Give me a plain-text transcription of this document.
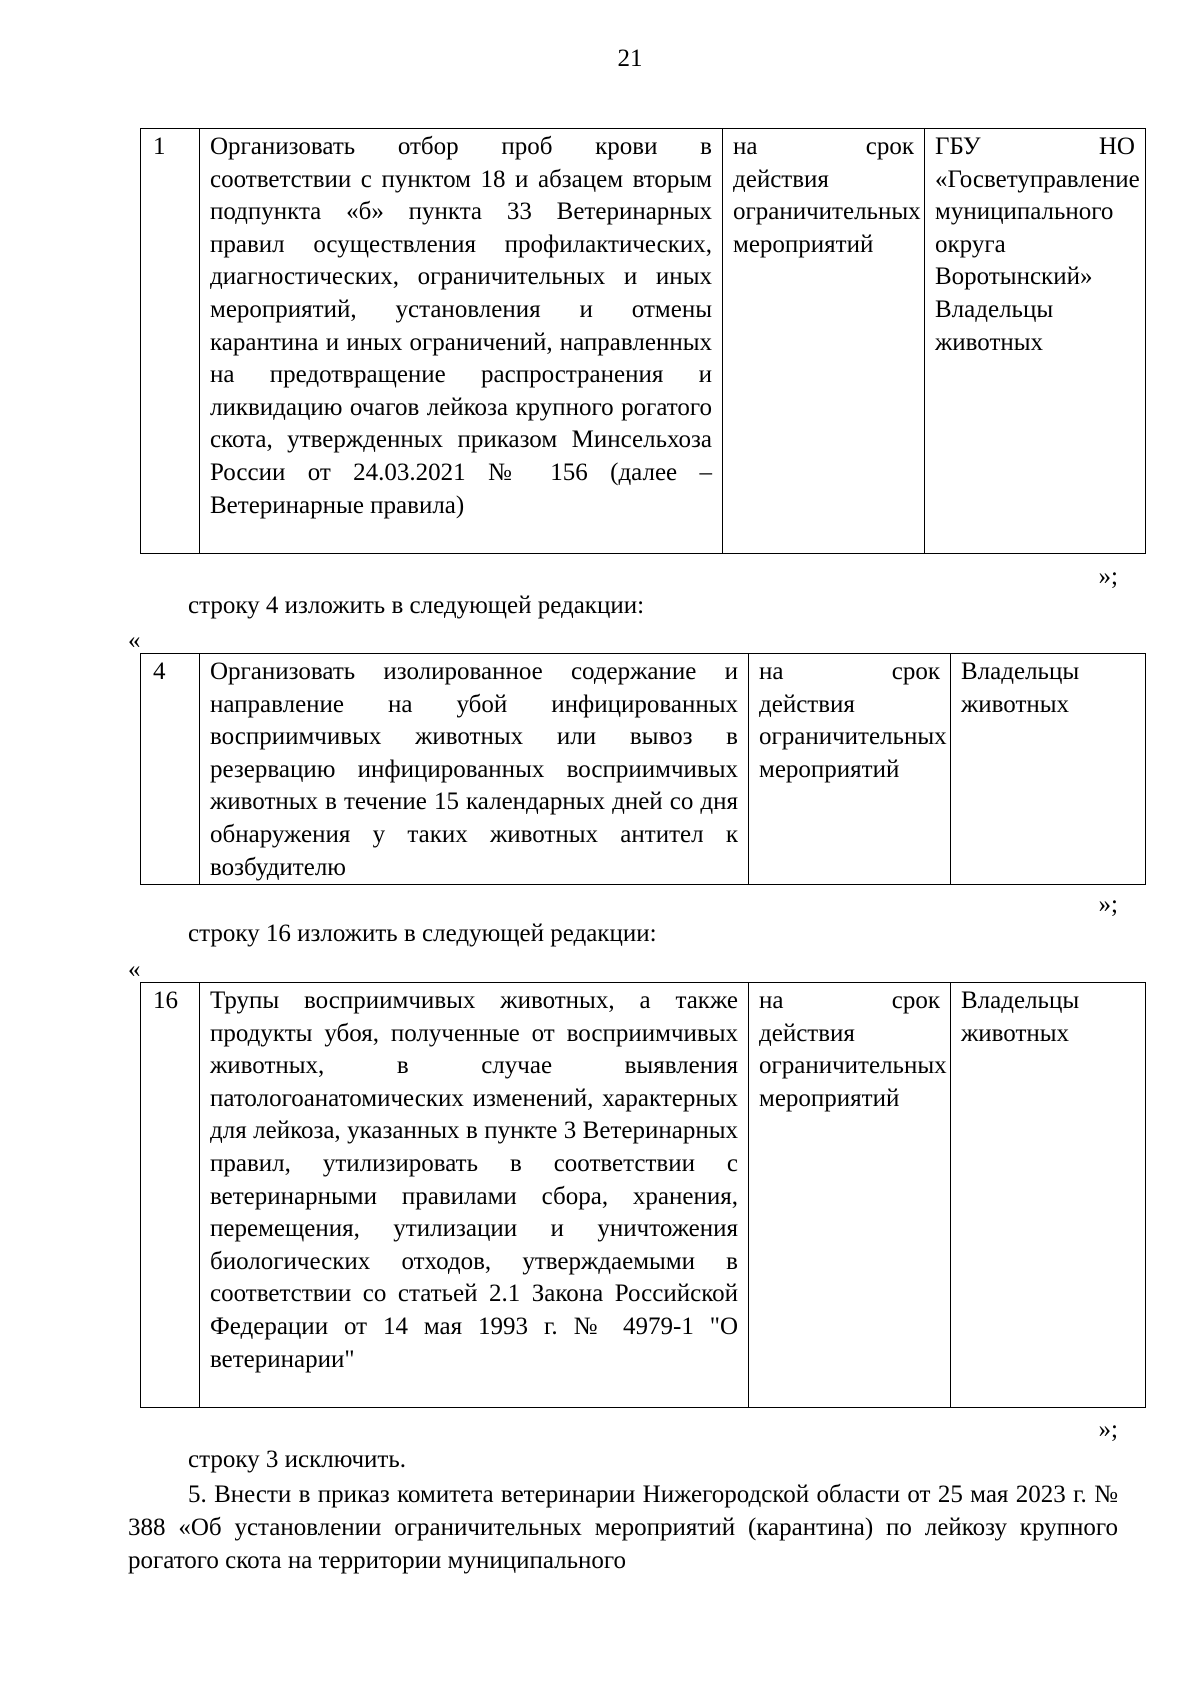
21
1	Организовать отбор проб крови в соответствии с пунктом 18 и абзацем вторым подпункта «б» пункта 33 Ветеринарных правил осуществления профилактических, диагностических, ограничительных и иных мероприятий, установления и отмены карантина и иных ограничений, направленных на предотвращение распространения и ликвидацию очагов лейкоза крупного рогатого скота, утвержденных приказом Минсельхоза России от 24.03.2021 № 156 (далее – Ветеринарные правила)	на срок действия ограничительных мероприятий	ГБУ НО «Госветуправление муниципального округа Воротынский» Владельцы животных
»;
строку 4 изложить в следующей редакции:
«
4	Организовать изолированное содержание и направление на убой инфицированных восприимчивых животных или вывоз в резервацию инфицированных восприимчивых животных в течение 15 календарных дней со дня обнаружения у таких животных антител к возбудителю	на срок действия ограничительных мероприятий	Владельцы животных
»;
строку 16 изложить в следующей редакции:
«
16	Трупы восприимчивых животных, а также продукты убоя, полученные от восприимчивых животных, в случае выявления патологоанатомических изменений, характерных для лейкоза, указанных в пункте 3 Ветеринарных правил, утилизировать в соответствии с ветеринарными правилами сбора, хранения, перемещения, утилизации и уничтожения биологических отходов, утверждаемыми в соответствии со статьей 2.1 Закона Российской Федерации от 14 мая 1993 г. № 4979-1 "О ветеринарии"	на срок действия ограничительных мероприятий	Владельцы животных
»;
строку 3 исключить.
5. Внести в приказ комитета ветеринарии Нижегородской области от 25 мая 2023 г. № 388 «Об установлении ограничительных мероприятий (карантина) по лейкозу крупного рогатого скота на территории муниципального
